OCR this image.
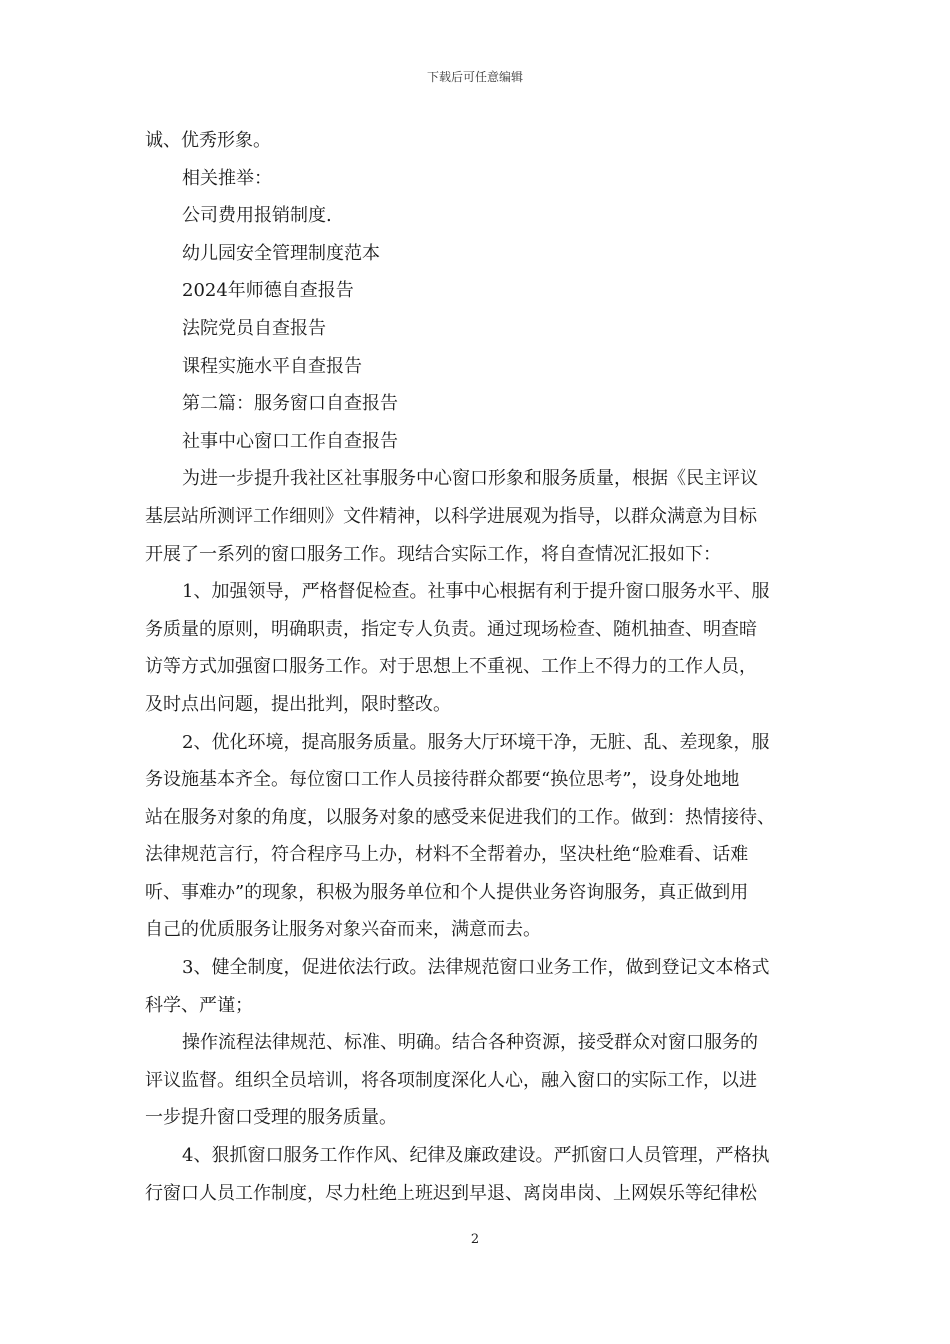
下载后可任意编辑
诚、优秀形象。
相关推举：
公司费用报销制度.
幼儿园安全管理制度范本
2024年师德自查报告
法院党员自查报告
课程实施水平自查报告
第二篇：服务窗口自查报告
社事中心窗口工作自查报告
为进一步提升我社区社事服务中心窗口形象和服务质量，根据《民主评议
基层站所测评工作细则》文件精神，以科学进展观为指导，以群众满意为目标
开展了一系列的窗口服务工作。现结合实际工作，将自查情况汇报如下：
1、加强领导，严格督促检查。社事中心根据有利于提升窗口服务水平、服
务质量的原则，明确职责，指定专人负责。通过现场检查、随机抽查、明查暗
访等方式加强窗口服务工作。对于思想上不重视、工作上不得力的工作人员，
及时点出问题，提出批判，限时整改。
2、优化环境，提高服务质量。服务大厅环境干净，无脏、乱、差现象，服
务设施基本齐全。每位窗口工作人员接待群众都要“换位思考”，设身处地地
站在服务对象的角度，以服务对象的感受来促进我们的工作。做到：热情接待、
法律规范言行，符合程序马上办，材料不全帮着办，坚决杜绝“脸难看、话难
听、事难办”的现象，积极为服务单位和个人提供业务咨询服务，真正做到用
自己的优质服务让服务对象兴奋而来，满意而去。
3、健全制度，促进依法行政。法律规范窗口业务工作，做到登记文本格式
科学、严谨；
操作流程法律规范、标准、明确。结合各种资源，接受群众对窗口服务的
评议监督。组织全员培训，将各项制度深化人心，融入窗口的实际工作，以进
一步提升窗口受理的服务质量。
4、狠抓窗口服务工作作风、纪律及廉政建设。严抓窗口人员管理，严格执
行窗口人员工作制度，尽力杜绝上班迟到早退、离岗串岗、上网娱乐等纪律松
2
